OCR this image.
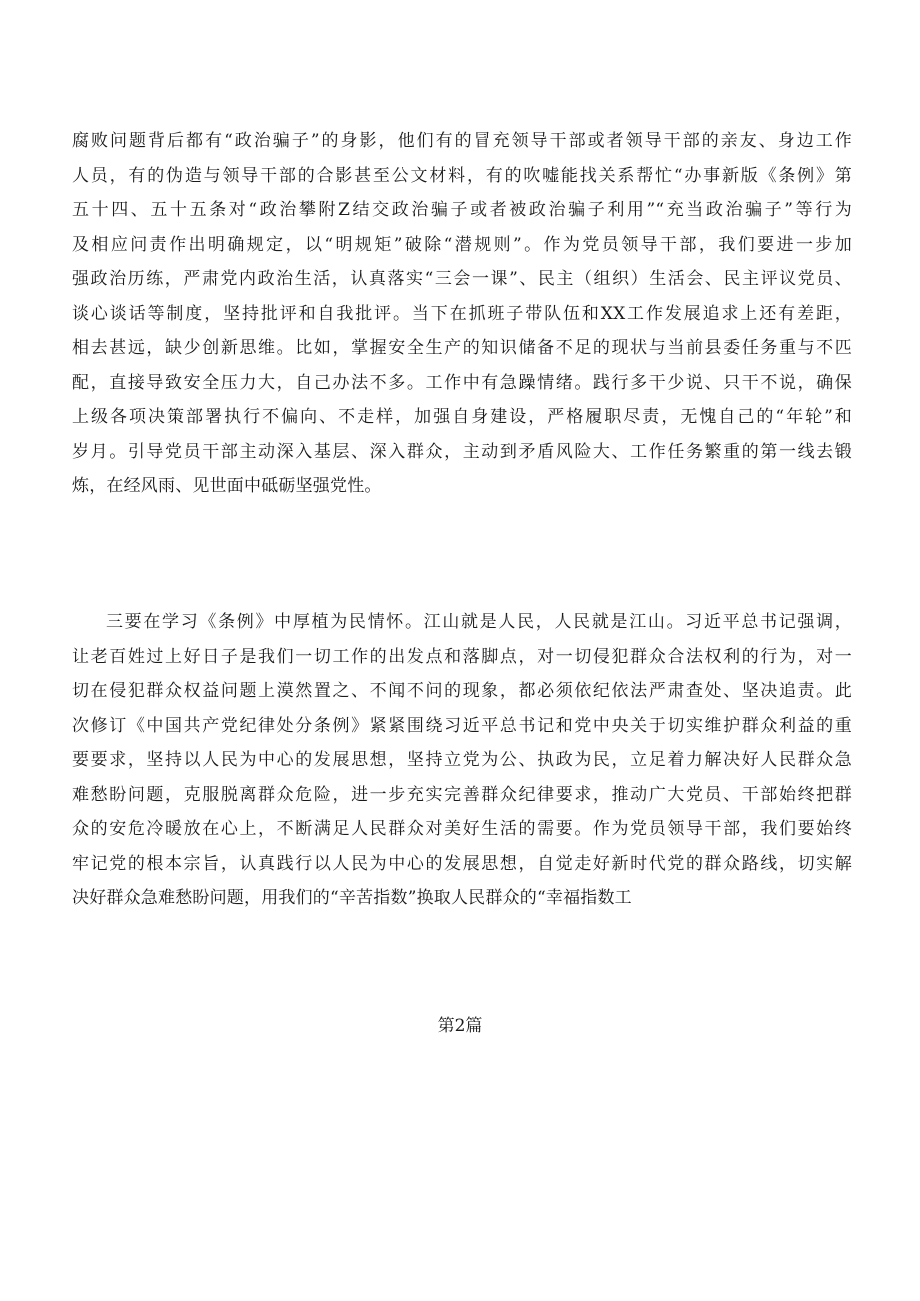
腐败问题背后都有“政治骗子”的身影，他们有的冒充领导干部或者领导干部的亲友、身边工作
人员，有的伪造与领导干部的合影甚至公文材料，有的吹嘘能找关系帮忙“办事新版《条例》第
五十四、五十五条对“政治攀附Z结交政治骗子或者被政治骗子利用”“充当政治骗子”等行为
及相应问责作出明确规定，以“明规矩”破除“潜规则”。作为党员领导干部，我们要进一步加
强政治历练，严肃党内政治生活，认真落实“三会一课”、民主（组织）生活会、民主评议党员、
谈心谈话等制度，坚持批评和自我批评。当下在抓班子带队伍和XX工作发展追求上还有差距，
相去甚远，缺少创新思维。比如，掌握安全生产的知识储备不足的现状与当前县委任务重与不匹
配，直接导致安全压力大，自己办法不多。工作中有急躁情绪。践行多干少说、只干不说，确保
上级各项决策部署执行不偏向、不走样，加强自身建设，严格履职尽责，无愧自己的“年轮”和
岁月。引导党员干部主动深入基层、深入群众，主动到矛盾风险大、工作任务繁重的第一线去锻
炼，在经风雨、见世面中砥砺坚强党性。
三要在学习《条例》中厚植为民情怀。江山就是人民，人民就是江山。习近平总书记强调，
让老百姓过上好日子是我们一切工作的出发点和落脚点，对一切侵犯群众合法权利的行为，对一
切在侵犯群众权益问题上漠然置之、不闻不问的现象，都必须依纪依法严肃查处、坚决追责。此
次修订《中国共产党纪律处分条例》紧紧围绕习近平总书记和党中央关于切实维护群众利益的重
要要求，坚持以人民为中心的发展思想，坚持立党为公、执政为民，立足着力解决好人民群众急
难愁盼问题，克服脱离群众危险，进一步充实完善群众纪律要求，推动广大党员、干部始终把群
众的安危冷暖放在心上，不断满足人民群众对美好生活的需要。作为党员领导干部，我们要始终
牢记党的根本宗旨，认真践行以人民为中心的发展思想，自觉走好新时代党的群众路线，切实解
决好群众急难愁盼问题，用我们的“辛苦指数”换取人民群众的“幸福指数工

第2篇
